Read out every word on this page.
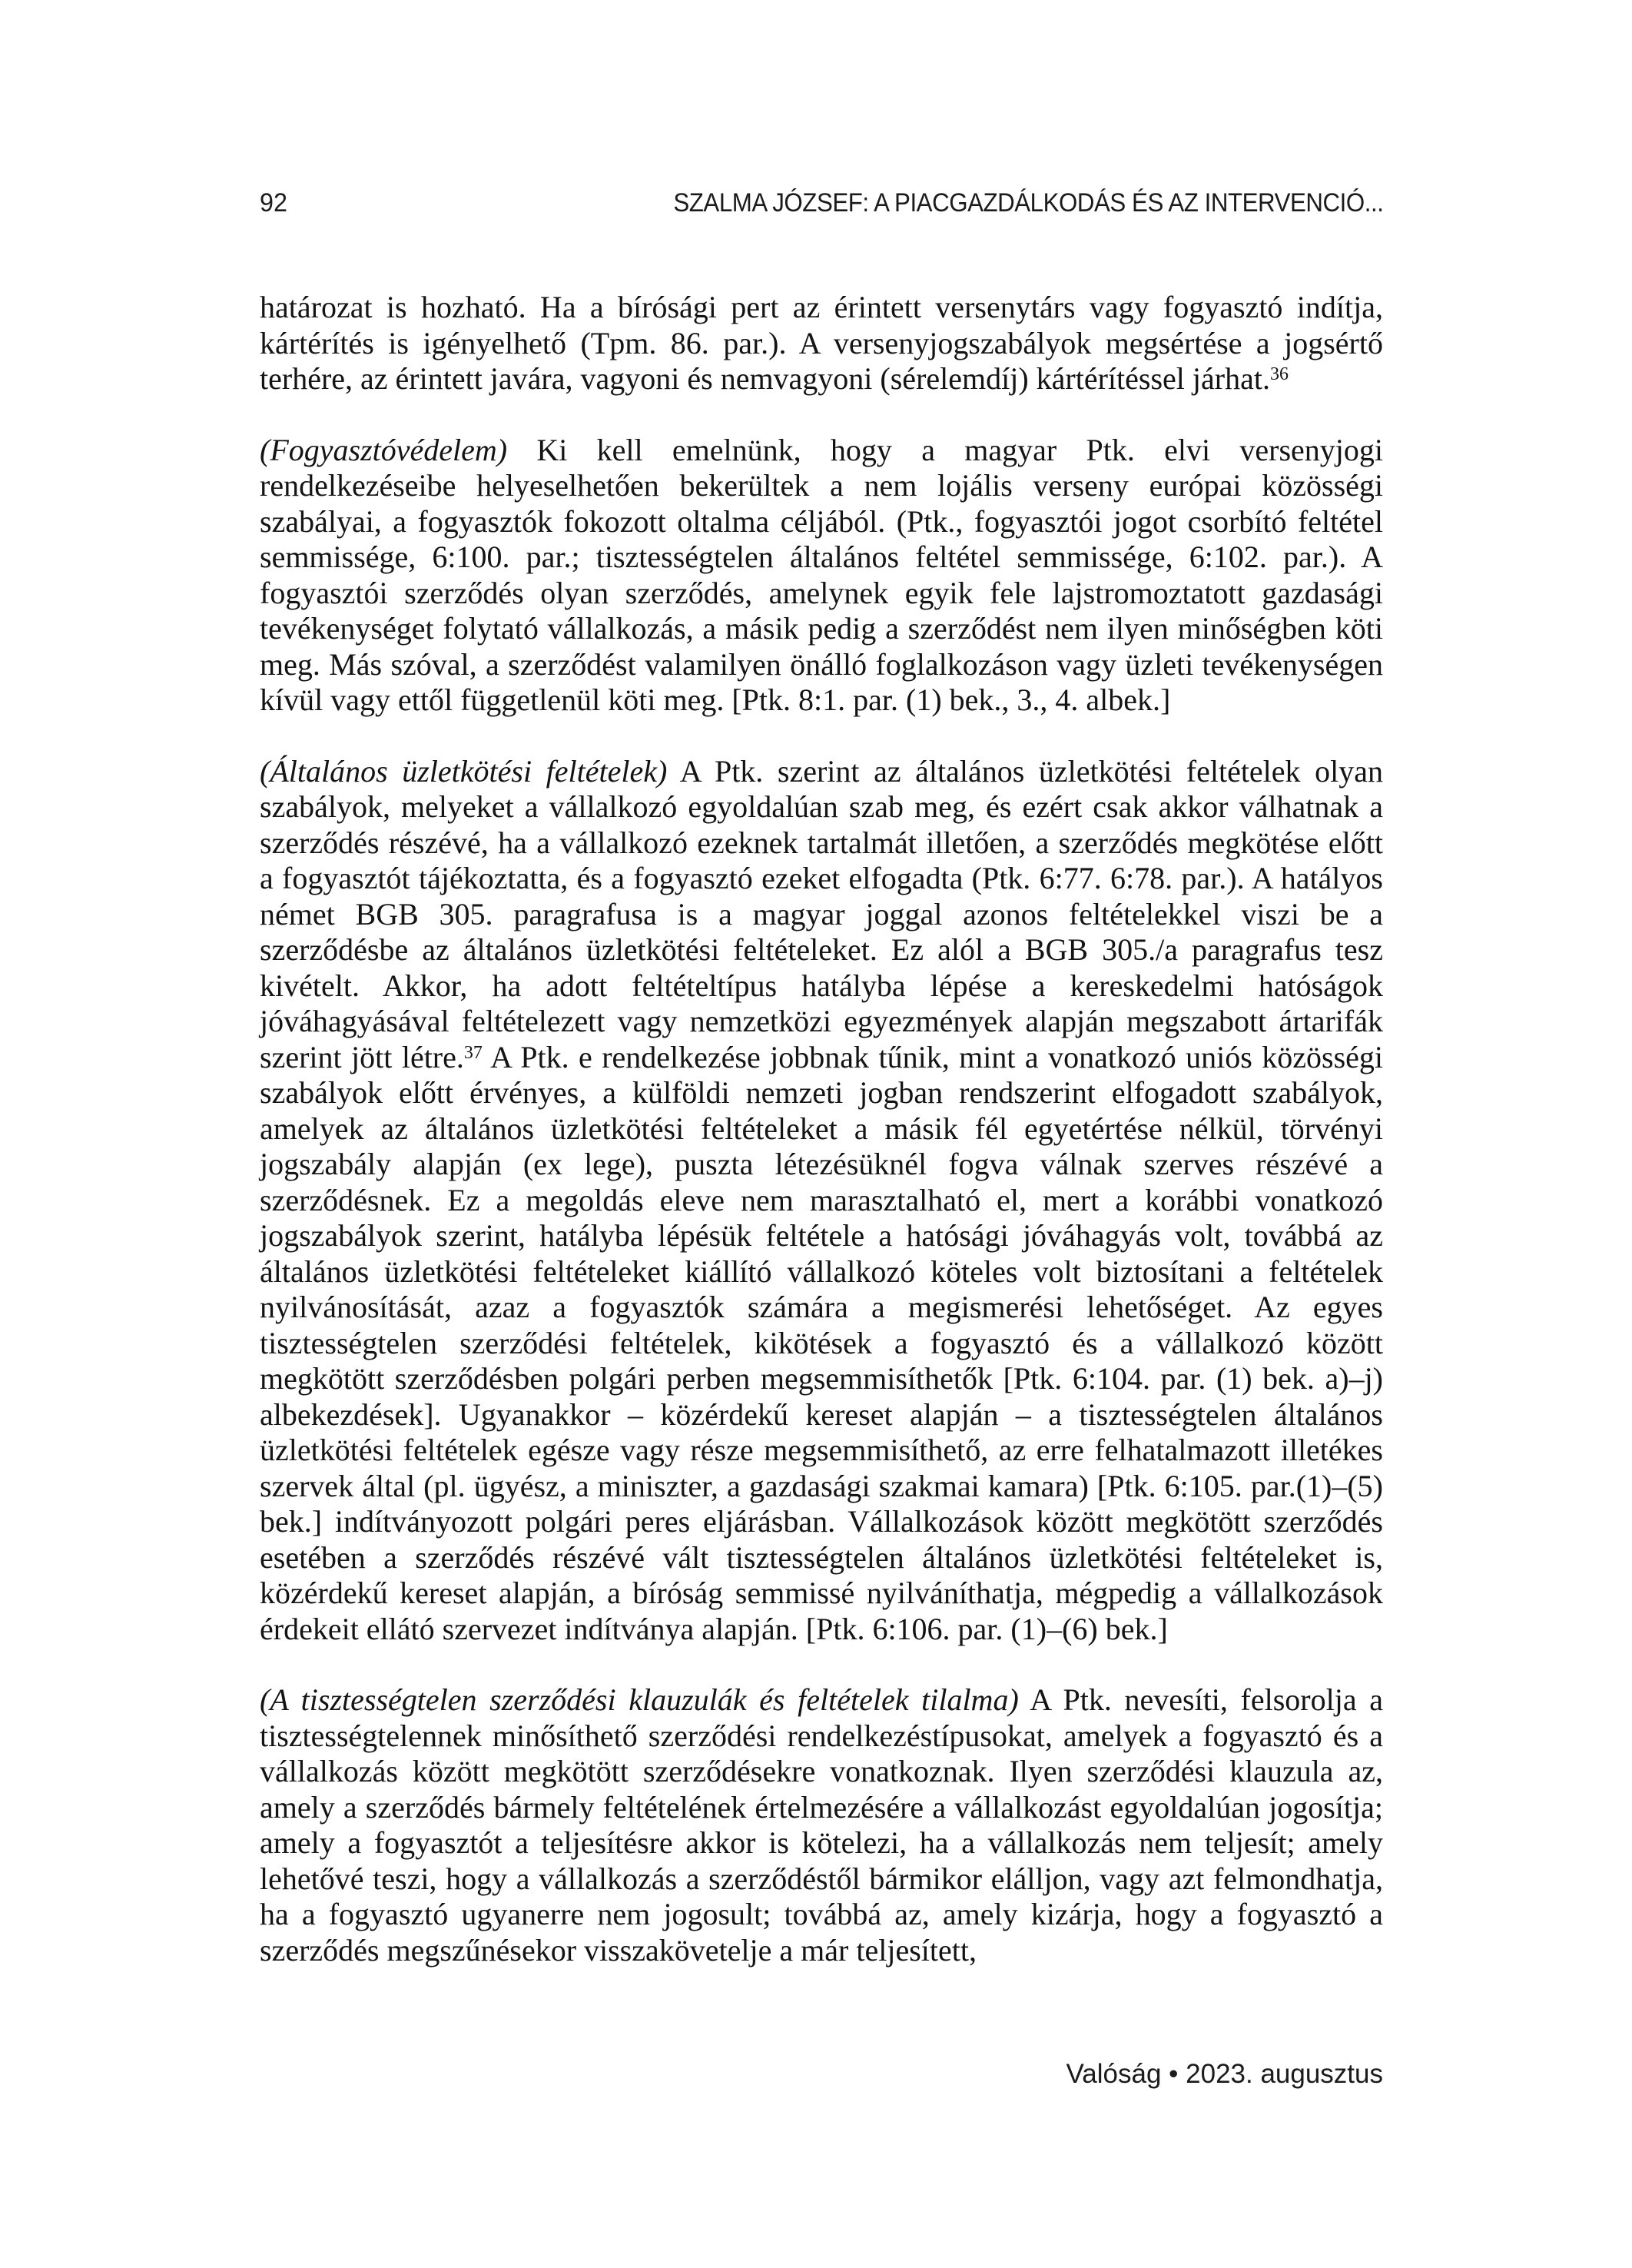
92	SZALMA JÓZSEF: A PIACGAZDÁLKODÁS ÉS AZ INTERVENCIÓ...

határozat is hozható. Ha a bírósági pert az érintett versenytárs vagy fogyasztó indítja, kártérítés is igényelhető (Tpm. 86. par.). A versenyjogszabályok megsértése a jogsértő terhére, az érintett javára, vagyoni és nemvagyoni (sérelemdíj) kártérítéssel járhat.$^{36}$

(Fogyasztóvédelem) Ki kell emelnünk, hogy a magyar Ptk. elvi versenyjogi rendelkezéseibe helyeselhetően bekerültek a nem lojális verseny európai közösségi szabályai, a fogyasztók fokozott oltalma céljából. (Ptk., fogyasztói jogot csorbító feltétel semmissége, 6:100. par.; tisztességtelen általános feltétel semmissége, 6:102. par.). A fogyasztói szerződés olyan szerződés, amelynek egyik fele lajstromoztatott gazdasági tevékenységet folytató vállalkozás, a másik pedig a szerződést nem ilyen minőségben köti meg. Más szóval, a szerződést valamilyen önálló foglalkozáson vagy üzleti tevékenységen kívül vagy ettől függetlenül köti meg. [Ptk. 8:1. par. (1) bek., 3., 4. albek.]

(Általános üzletkötési feltételek) A Ptk. szerint az általános üzletkötési feltételek olyan szabályok, melyeket a vállalkozó egyoldalúan szab meg, és ezért csak akkor válhatnak a szerződés részévé, ha a vállalkozó ezeknek tartalmát illetően, a szerződés megkötése előtt a fogyasztót tájékoztatta, és a fogyasztó ezeket elfogadta (Ptk. 6:77. 6:78. par.). A hatályos német BGB 305. paragrafusa is a magyar joggal azonos feltételekkel viszi be a szerződésbe az általános üzletkötési feltételeket. Ez alól a BGB 305./a paragrafus tesz kivételt. Akkor, ha adott feltételtípus hatályba lépése a kereskedelmi hatóságok jóváhagyásával feltételezett vagy nemzetközi egyezmények alapján megszabott ártarifák szerint jött létre.$^{37}$ A Ptk. e rendelkezése jobbnak tűnik, mint a vonatkozó uniós közösségi szabályok előtt érvényes, a külföldi nemzeti jogban rendszerint elfogadott szabályok, amelyek az általános üzletkötési feltételeket a másik fél egyetértése nélkül, törvényi jogszabály alapján (ex lege), puszta létezésüknél fogva válnak szerves részévé a szerződésnek. Ez a megoldás eleve nem marasztalható el, mert a korábbi vonatkozó jogszabályok szerint, hatályba lépésük feltétele a hatósági jóváhagyás volt, továbbá az általános üzletkötési feltételeket kiállító vállalkozó köteles volt biztosítani a feltételek nyilvánosítását, azaz a fogyasztók számára a megismerési lehetőséget. Az egyes tisztességtelen szerződési feltételek, kikötések a fogyasztó és a vállalkozó között megkötött szerződésben polgári perben megsemmisíthetők [Ptk. 6:104. par. (1) bek. a)–j) albekezdések]. Ugyanakkor – közérdekű kereset alapján – a tisztességtelen általános üzletkötési feltételek egésze vagy része megsemmisíthető, az erre felhatalmazott illetékes szervek által (pl. ügyész, a miniszter, a gazdasági szakmai kamara) [Ptk. 6:105. par.(1)–(5) bek.] indítványozott polgári peres eljárásban. Vállalkozások között megkötött szerződés esetében a szerződés részévé vált tisztességtelen általános üzletkötési feltételeket is, közérdekű kereset alapján, a bíróság semmissé nyilváníthatja, mégpedig a vállalkozások érdekeit ellátó szervezet indítványa alapján. [Ptk. 6:106. par. (1)–(6) bek.]

(A tisztességtelen szerződési klauzulák és feltételek tilalma) A Ptk. nevesíti, felsorolja a tisztességtelennek minősíthető szerződési rendelkezéstípusokat, amelyek a fogyasztó és a vállalkozás között megkötött szerződésekre vonatkoznak. Ilyen szerződési klauzula az, amely a szerződés bármely feltételének értelmezésére a vállalkozást egyoldalúan jogosítja; amely a fogyasztót a teljesítésre akkor is kötelezi, ha a vállalkozás nem teljesít; amely lehetővé teszi, hogy a vállalkozás a szerződéstől bármikor elálljon, vagy azt felmondhatja, ha a fogyasztó ugyanerre nem jogosult; továbbá az, amely kizárja, hogy a fogyasztó a szerződés megszűnésekor visszakövetelje a már teljesített,

Valóság • 2023. augusztus
